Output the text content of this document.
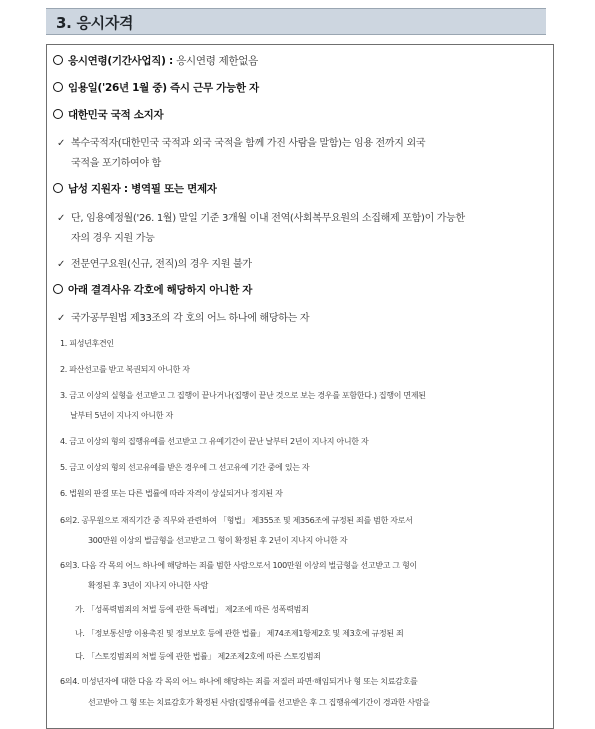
3. 응시자격
응시연령(기간사업직) : 응시연령 제한없음
임용일('26년 1월 중) 즉시 근무 가능한 자
대한민국 국적 소지자
✓ 복수국적자(대한민국 국적과 외국 국적을 함께 가진 사람을 말함)는 임용 전까지 외국
국적을 포기하여야 함
남성 지원자 : 병역필 또는 면제자
✓ 단, 임용예정월('26. 1월) 말일 기준 3개월 이내 전역(사회복무요원의 소집해제 포함)이 가능한
자의 경우 지원 가능
✓ 전문연구요원(신규, 전직)의 경우 지원 불가
아래 결격사유 각호에 해당하지 아니한 자
✓ 국가공무원법 제33조의 각 호의 어느 하나에 해당하는 자
1. 피성년후견인
2. 파산선고를 받고 복권되지 아니한 자
3. 금고 이상의 실형을 선고받고 그 집행이 끝나거나(집행이 끝난 것으로 보는 경우를 포함한다.) 집행이 면제된
날부터 5년이 지나지 아니한 자
4. 금고 이상의 형의 집행유예를 선고받고 그 유예기간이 끝난 날부터 2년이 지나지 아니한 자
5. 금고 이상의 형의 선고유예를 받은 경우에 그 선고유예 기간 중에 있는 자
6. 법원의 판결 또는 다른 법률에 따라 자격이 상실되거나 정지된 자
6의2. 공무원으로 재직기간 중 직무와 관련하여 「형법」 제355조 및 제356조에 규정된 죄를 범한 자로서
300만원 이상의 벌금형을 선고받고 그 형이 확정된 후 2년이 지나지 아니한 자
6의3. 다음 각 목의 어느 하나에 해당하는 죄를 범한 사람으로서 100만원 이상의 벌금형을 선고받고 그 형이
확정된 후 3년이 지나지 아니한 사람
가. 「성폭력범죄의 처벌 등에 관한 특례법」 제2조에 따른 성폭력범죄
나. 「정보통신망 이용촉진 및 정보보호 등에 관한 법률」 제74조제1항제2호 및 제3호에 규정된 죄
다. 「스토킹범죄의 처벌 등에 관한 법률」 제2조제2호에 따른 스토킹범죄
6의4. 미성년자에 대한 다음 각 목의 어느 하나에 해당하는 죄를 저질러 파면·해임되거나 형 또는 치료감호를
선고받아 그 형 또는 치료감호가 확정된 사람(집행유예를 선고받은 후 그 집행유예기간이 경과한 사람을
